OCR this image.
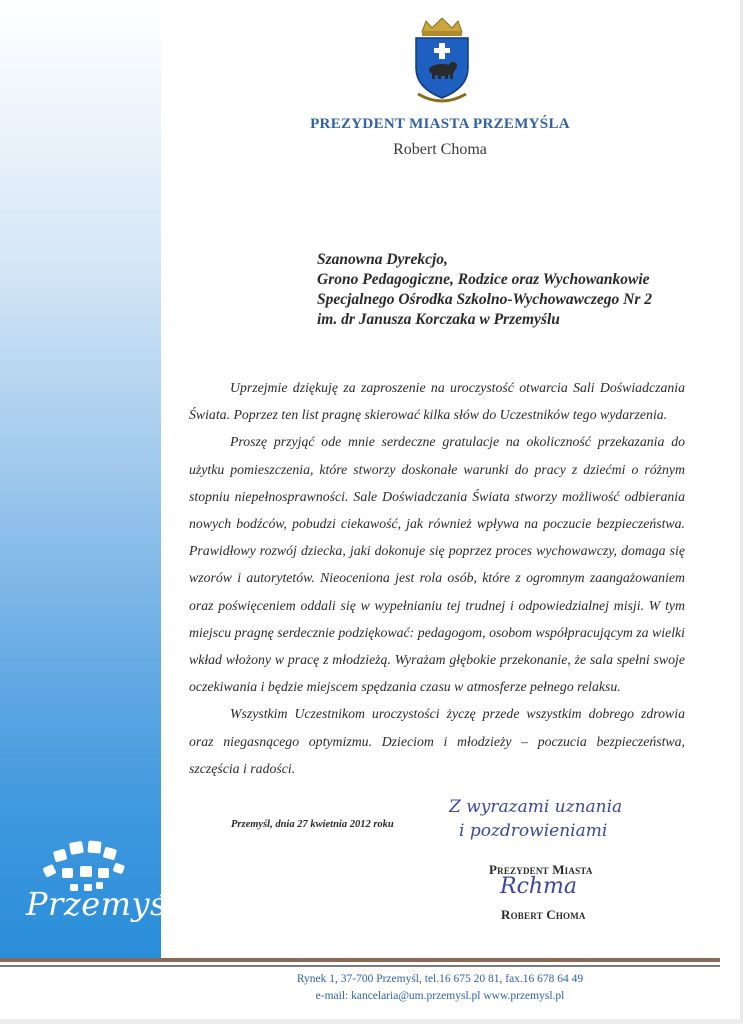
Przemyśl
PREZYDENT MIASTA PRZEMYŚLA
Robert Choma
Szanowna Dyrekcjo,
Grono Pedagogiczne, Rodzice oraz Wychowankowie
Specjalnego Ośrodka Szkolno-Wychowawczego Nr 2
im. dr Janusza Korczaka w Przemyślu

Uprzejmie dziękuję za zaproszenie na uroczystość otwarcia Sali Doświadczania Świata. Poprzez ten list pragnę skierować kilka słów do Uczestników tego wydarzenia.

Proszę przyjąć ode mnie serdeczne gratulacje na okoliczność przekazania do użytku pomieszczenia, które stworzy doskonałe warunki do pracy z dziećmi o różnym stopniu niepełnosprawności. Sale Doświadczania Świata stworzy możliwość odbierania nowych bodźców, pobudzi ciekawość, jak również wpływa na poczucie bezpieczeństwa. Prawidłowy rozwój dziecka, jaki dokonuje się poprzez proces wychowawczy, domaga się wzorów i autorytetów. Nieoceniona jest rola osób, które z ogromnym zaangażowaniem oraz poświęceniem oddali się w wypełnianiu tej trudnej i odpowiedzialnej misji. W tym miejscu pragnę serdecznie podziękować: pedagogom, osobom współpracującym za wielki wkład włożony w pracę z młodzieżą. Wyrażam głębokie przekonanie, że sala spełni swoje oczekiwania i będzie miejscem spędzania czasu w atmosferze pełnego relaksu.

Wszystkim Uczestnikom uroczystości życzę przede wszystkim dobrego zdrowia oraz niegasnącego optymizmu. Dzieciom i młodzieży – poczucia bezpieczeństwa, szczęścia i radości.

Przemyśl, dnia 27 kwietnia 2012 roku
Z wyrazami uznania
i pozdrowieniami
Prezydent Miasta
Rchma
Robert Choma
Rynek 1, 37-700 Przemyśl, tel.16 675 20 81, fax.16 678 64 49
e-mail: kancelaria@um.przemysl.pl www.przemysl.pl
